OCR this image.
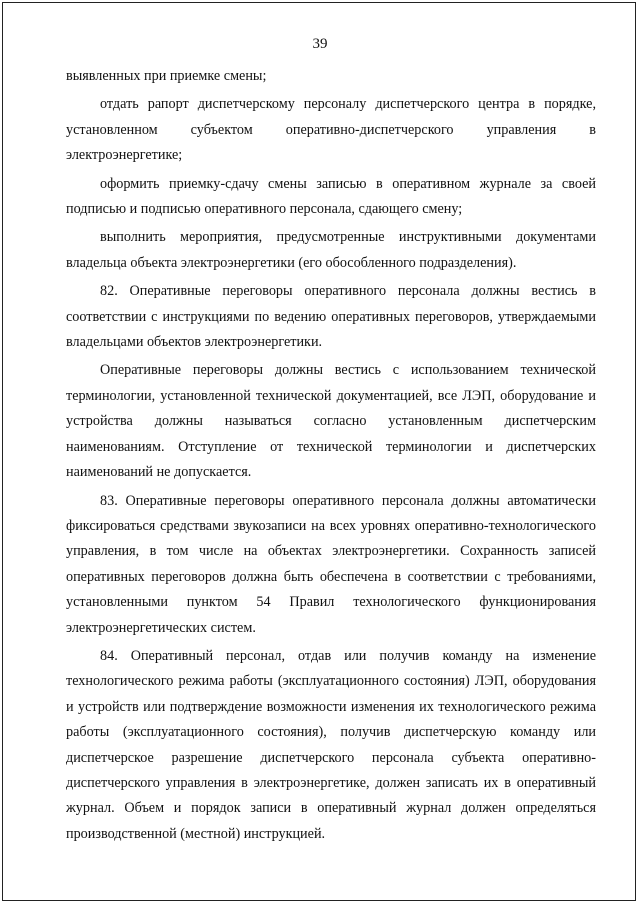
39

выявленных при приемке смены;

отдать рапорт диспетчерскому персоналу диспетчерского центра в порядке, установленном субъектом оперативно-диспетчерского управления в электроэнергетике;

оформить приемку-сдачу смены записью в оперативном журнале за своей подписью и подписью оперативного персонала, сдающего смену;

выполнить мероприятия, предусмотренные инструктивными документами владельца объекта электроэнергетики (его обособленного подразделения).

82. Оперативные переговоры оперативного персонала должны вестись в соответствии с инструкциями по ведению оперативных переговоров, утверждаемыми владельцами объектов электроэнергетики.

Оперативные переговоры должны вестись с использованием технической терминологии, установленной технической документацией, все ЛЭП, оборудование и устройства должны называться согласно установленным диспетчерским наименованиям. Отступление от технической терминологии и диспетчерских наименований не допускается.

83. Оперативные переговоры оперативного персонала должны автоматически фиксироваться средствами звукозаписи на всех уровнях оперативно-технологического управления, в том числе на объектах электроэнергетики. Сохранность записей оперативных переговоров должна быть обеспечена в соответствии с требованиями, установленными пунктом 54 Правил технологического функционирования электроэнергетических систем.

84. Оперативный персонал, отдав или получив команду на изменение технологического режима работы (эксплуатационного состояния) ЛЭП, оборудования и устройств или подтверждение возможности изменения их технологического режима работы (эксплуатационного состояния), получив диспетчерскую команду или диспетчерское разрешение диспетчерского персонала субъекта оперативно-диспетчерского управления в электроэнергетике, должен записать их в оперативный журнал. Объем и порядок записи в оперативный журнал должен определяться производственной (местной) инструкцией.
